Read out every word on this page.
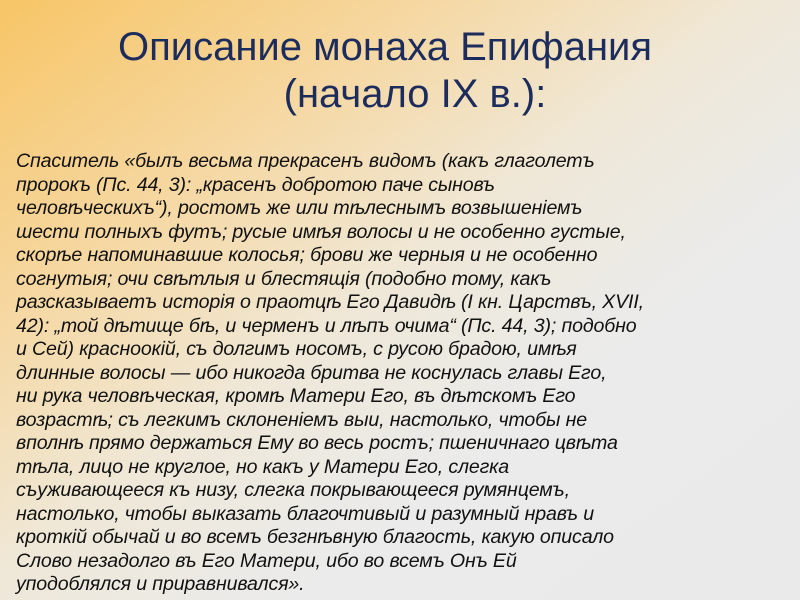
Описание монаха Епифания
(начало IX в.):
Спаситель «былъ весьма прекрасенъ видомъ (какъ глаголетъ
пророкъ (Пс. 44, 3): „красенъ добротою паче сыновъ
человѣческихъ“), ростомъ же или тѣлеснымъ возвышеніемъ
шести полныхъ футъ; русые имѣя волосы и не особенно густые,
скорѣе напоминавшие колосья; брови же черныя и не особенно
согнутыя; очи свѣтлыя и блестящія (подобно тому, какъ
разсказываетъ исторія о праотцѣ Его Давидѣ (I кн. Царствъ, XVII,
42): „той дѣтище бѣ, и черменъ и лѣпъ очима“ (Пс. 44, 3); подобно
и Сей) красноокій, съ долгимъ носомъ, с русою брадою, имѣя
длинные волосы — ибо никогда бритва не коснулась главы Его,
ни рука человѣческая, кромѣ Матери Его, въ дѣтскомъ Его
возрастѣ; съ легкимъ склоненіемъ выи, настолько, чтобы не
вполнѣ прямо держаться Ему во весь ростъ; пшеничнаго цвѣта
тѣла, лицо не круглое, но какъ у Матери Его, слегка
съуживающееся къ низу, слегка покрывающееся румянцемъ,
настолько, чтобы выказать благочтивый и разумный нравъ и
кроткій обычай и во всемъ безгнѣвную благость, какую описало
Слово незадолго въ Его Матери, ибо во всемъ Онъ Ей
уподоблялся и приравнивался».
